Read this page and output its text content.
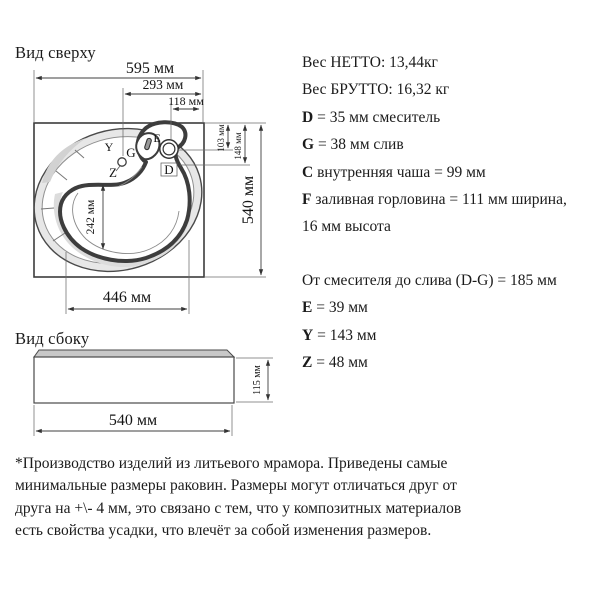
Вид сверху
Вид сбоку
595 мм
293 мм
118 мм
103 мм 148 мм
540 мм
446 мм
242 мм
Y G
Z
E
D
115 мм
540 мм
Вес НЕТТО: 13,44кг
Вес БРУТТО: 16,32 кг
D = 35 мм смеситель
G = 38 мм слив
C внутренняя чаша = 99 мм
F заливная горловина = 111 мм ширина,
16 мм высота
От смесителя до слива (D-G) = 185 мм
E = 39 мм
Y = 143 мм
Z = 48 мм
*Производство изделий из литьевого мрамора. Приведены самые минимальные размеры раковин. Размеры могут отличаться друг от друга на +\- 4 мм, это связано с тем, что у композитных материалов есть свойства усадки, что влечёт за собой изменения размеров.
